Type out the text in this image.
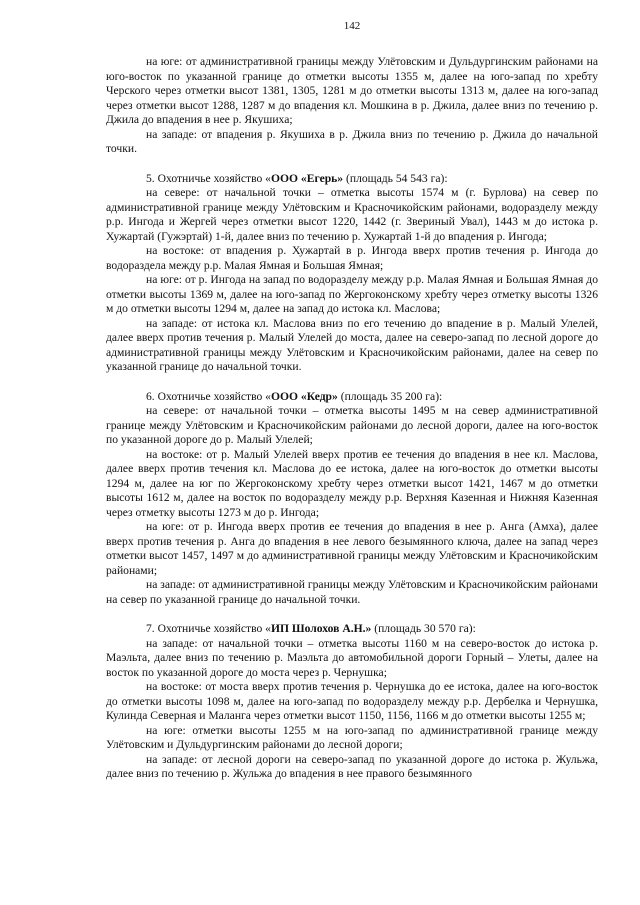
142

на юге: от административной границы между Улётовским и Дульдургинским районами на юго-восток по указанной границе до отметки высоты 1355 м, далее на юго-запад по хребту Черского через отметки высот 1381, 1305, 1281 м до отметки высоты 1313 м, далее на юго-запад через отметки высот 1288, 1287 м до впадения кл. Мошкина в р. Джила, далее вниз по течению р. Джила до впадения в нее р. Якушиха;

на западе: от впадения р. Якушиха в р. Джила вниз по течению р. Джила до начальной точки.

5. Охотничье хозяйство «ООО «Егерь» (площадь 54 543 га):

на севере: от начальной точки – отметка высоты 1574 м (г. Бурлова) на север по административной границе между Улётовским и Красночикойским районами, водоразделу между р.р. Ингода и Жергей через отметки высот 1220, 1442 (г. Звериный Увал), 1443 м до истока р. Хужартай (Гужэртай) 1-й, далее вниз по течению р. Хужартай 1-й до впадения р. Ингода;

на востоке: от впадения р. Хужартай в р. Ингода вверх против течения р. Ингода до водораздела между р.р. Малая Ямная и Большая Ямная;

на юге: от р. Ингода на запад по водоразделу между р.р. Малая Ямная и Большая Ямная до отметки высоты 1369 м, далее на юго-запад по Жергоконскому хребту через отметку высоты 1326 м до отметки высоты 1294 м, далее на запад до истока кл. Маслова;

на западе: от истока кл. Маслова вниз по его течению до впадение в р. Малый Улелей, далее вверх против течения р. Малый Улелей до моста, далее на северо-запад по лесной дороге до административной границы между Улётовским и Красночикойским районами, далее на север по указанной границе до начальной точки.

6. Охотничье хозяйство «ООО «Кедр» (площадь 35 200 га):

на севере: от начальной точки – отметка высоты 1495 м на север административной границе между Улётовским и Красночикойским районами до лесной дороги, далее на юго-восток по указанной дороге до р. Малый Улелей;

на востоке: от р. Малый Улелей вверх против ее течения до впадения в нее кл. Маслова, далее вверх против течения кл. Маслова до ее истока, далее на юго-восток до отметки высоты 1294 м, далее на юг по Жергоконскому хребту через отметки высот 1421, 1467 м до отметки высоты 1612 м, далее на восток по водоразделу между р.р. Верхняя Казенная и Нижняя Казенная через отметку высоты 1273 м до р. Ингода;

на юге: от р. Ингода вверх против ее течения до впадения в нее р. Анга (Амха), далее вверх против течения р. Анга до впадения в нее левого безымянного ключа, далее на запад через отметки высот 1457, 1497 м до административной границы между Улётовским и Красночикойским районами;

на западе: от административной границы между Улётовским и Красночикойским районами на север по указанной границе до начальной точки.

7. Охотничье хозяйство «ИП Шолохов А.Н.» (площадь 30 570 га):

на западе: от начальной точки – отметка высоты 1160 м на северо-восток до истока р. Маэльта, далее вниз по течению р. Маэльта до автомобильной дороги Горный – Улеты, далее на восток по указанной дороге до моста через р. Чернушка;

на востоке: от моста вверх против течения р. Чернушка до ее истока, далее на юго-восток до отметки высоты 1098 м, далее на юго-запад по водоразделу между р.р. Дербелка и Чернушка, Кулинда Северная и Маланга через отметки высот 1150, 1156, 1166 м до отметки высоты 1255 м;

на юге: отметки высоты 1255 м на юго-запад по административной границе между Улётовским и Дульдургинским районами до лесной дороги;

на западе: от лесной дороги на северо-запад по указанной дороге до истока р. Жульжа, далее вниз по течению р. Жульжа до впадения в нее правого безымянного
